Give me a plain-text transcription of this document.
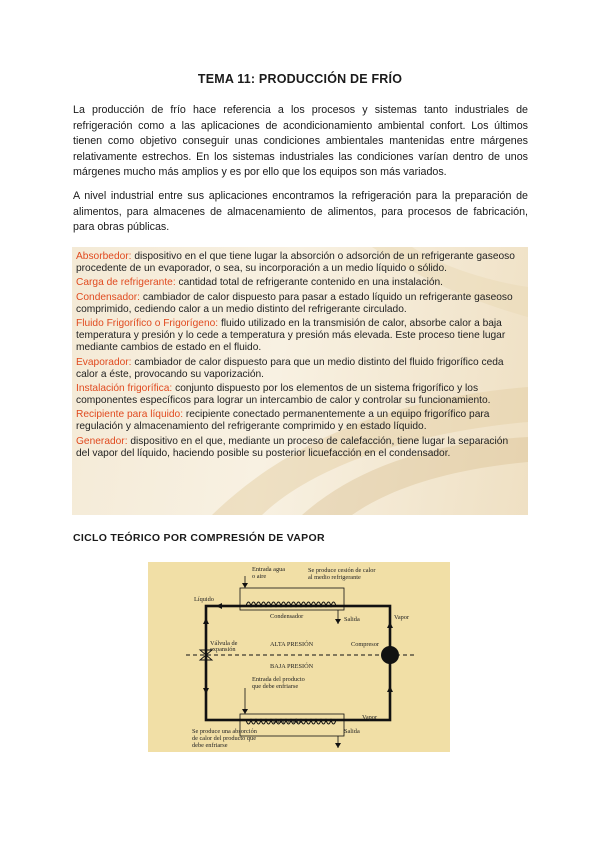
TEMA 11: PRODUCCIÓN DE FRÍO
La producción de frío hace referencia a los procesos y sistemas tanto industriales de refrigeración como a las aplicaciones de acondicionamiento ambiental confort. Los últimos tienen como objetivo conseguir unas condiciones ambientales mantenidas entre márgenes relativamente estrechos. En los sistemas industriales las condiciones varían dentro de unos márgenes mucho más amplios y es por ello que los equipos son más variados.
A nivel industrial entre sus aplicaciones encontramos la refrigeración para la preparación de alimentos, para almacenes de almacenamiento de alimentos, para procesos de fabricación, para obras públicas.
Absorbedor: dispositivo en el que tiene lugar la absorción o adsorción de un refrigerante gaseoso procedente de un evaporador, o sea, su incorporación a un medio líquido o sólido.
Carga de refrigerante: cantidad total de refrigerante contenido en una instalación.
Condensador: cambiador de calor dispuesto para pasar a estado líquido un refrigerante gaseoso comprimido, cediendo calor a un medio distinto del refrigerante circulado.
Fluido Frigorífico o Frigorígeno: fluido utilizado en la transmisión de calor, absorbe calor a baja temperatura y presión y lo cede a temperatura y presión más elevada. Este proceso tiene lugar mediante cambios de estado en el fluido.
Evaporador: cambiador de calor dispuesto para que un medio distinto del fluido frigorífico ceda calor a éste, provocando su vaporización.
Instalación frigorífica: conjunto dispuesto por los elementos de un sistema frigorífico y los componentes específicos para lograr un intercambio de calor y controlar su funcionamiento.
Recipiente para líquido: recipiente conectado permanentemente a un equipo frigorífico para regulación y almacenamiento del refrigerante comprimido y en estado líquido.
Generador: dispositivo en el que, mediante un proceso de calefacción, tiene lugar la separación del vapor del líquido, haciendo posible su posterior licuefacción en el condensador.
CICLO TEÓRICO POR COMPRESIÓN DE VAPOR
Entrada agua
o aire
Se produce cesión de calor
al medio refrigerante
Líquido
Condensador	Salida	Vapor
Válvula de
expansión
ALTA PRESIÓN	Compresor
BAJA PRESIÓN
Entrada del producto
que debe enfriarse
Evaporador
Vapor
Salida
Se produce una absorción
de calor del producto que
debe enfriarse
